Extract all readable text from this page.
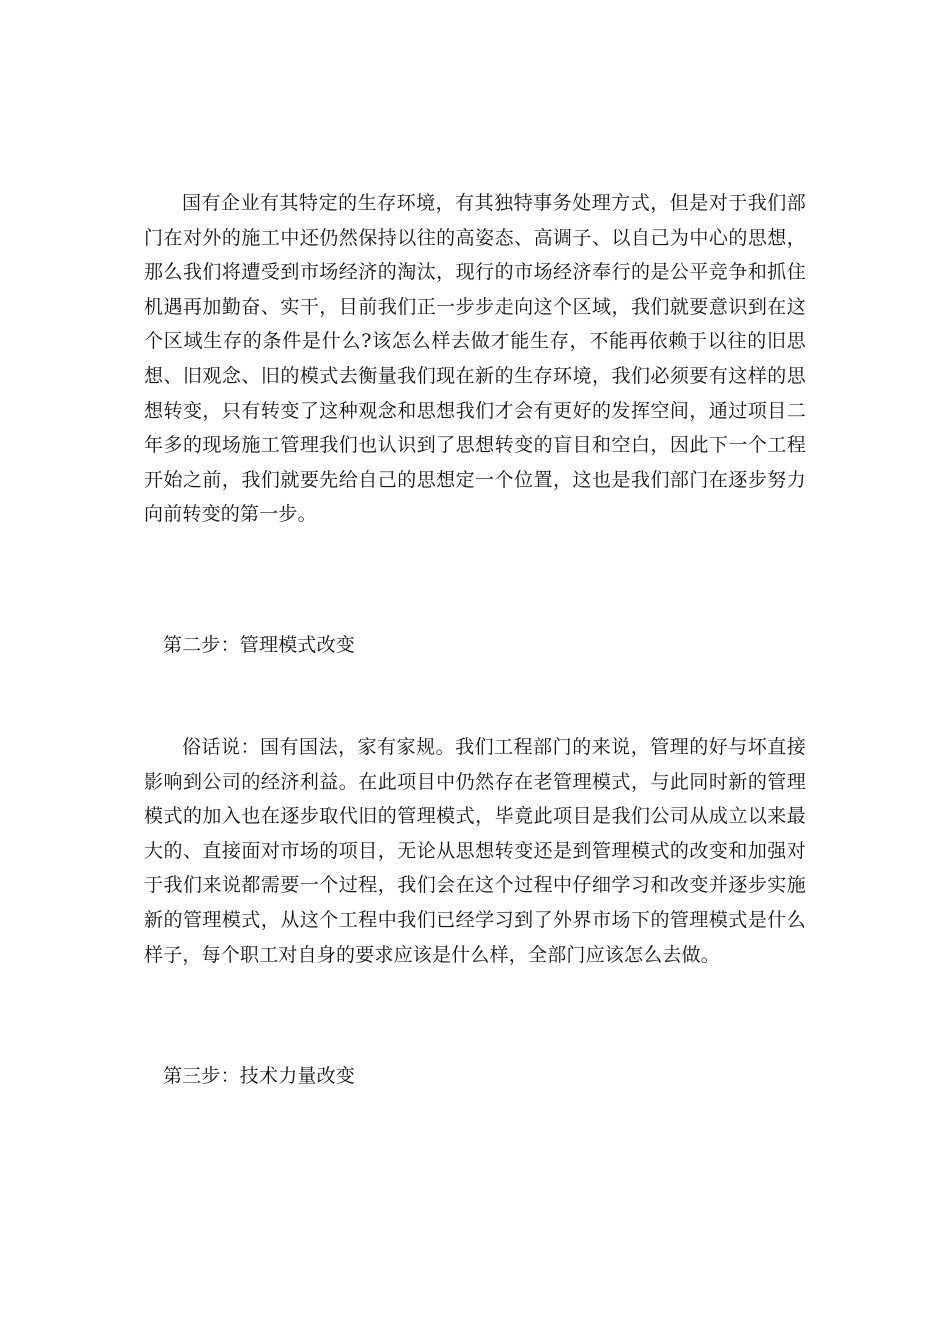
国有企业有其特定的生存环境，有其独特事务处理方式，但是对于我们部门在对外的施工中还仍然保持以往的高姿态、高调子、以自己为中心的思想，那么我们将遭受到市场经济的淘汰，现行的市场经济奉行的是公平竞争和抓住机遇再加勤奋、实干，目前我们正一步步走向这个区域，我们就要意识到在这个区域生存的条件是什么?该怎么样去做才能生存，不能再依赖于以往的旧思想、旧观念、旧的模式去衡量我们现在新的生存环境，我们必须要有这样的思想转变，只有转变了这种观念和思想我们才会有更好的发挥空间，通过项目二年多的现场施工管理我们也认识到了思想转变的盲目和空白，因此下一个工程开始之前，我们就要先给自己的思想定一个位置，这也是我们部门在逐步努力向前转变的第一步。

第二步：管理模式改变

俗话说：国有国法，家有家规。我们工程部门的来说，管理的好与坏直接影响到公司的经济利益。在此项目中仍然存在老管理模式，与此同时新的管理模式的加入也在逐步取代旧的管理模式，毕竟此项目是我们公司从成立以来最大的、直接面对市场的项目，无论从思想转变还是到管理模式的改变和加强对于我们来说都需要一个过程，我们会在这个过程中仔细学习和改变并逐步实施新的管理模式，从这个工程中我们已经学习到了外界市场下的管理模式是什么样子，每个职工对自身的要求应该是什么样，全部门应该怎么去做。

第三步：技术力量改变
